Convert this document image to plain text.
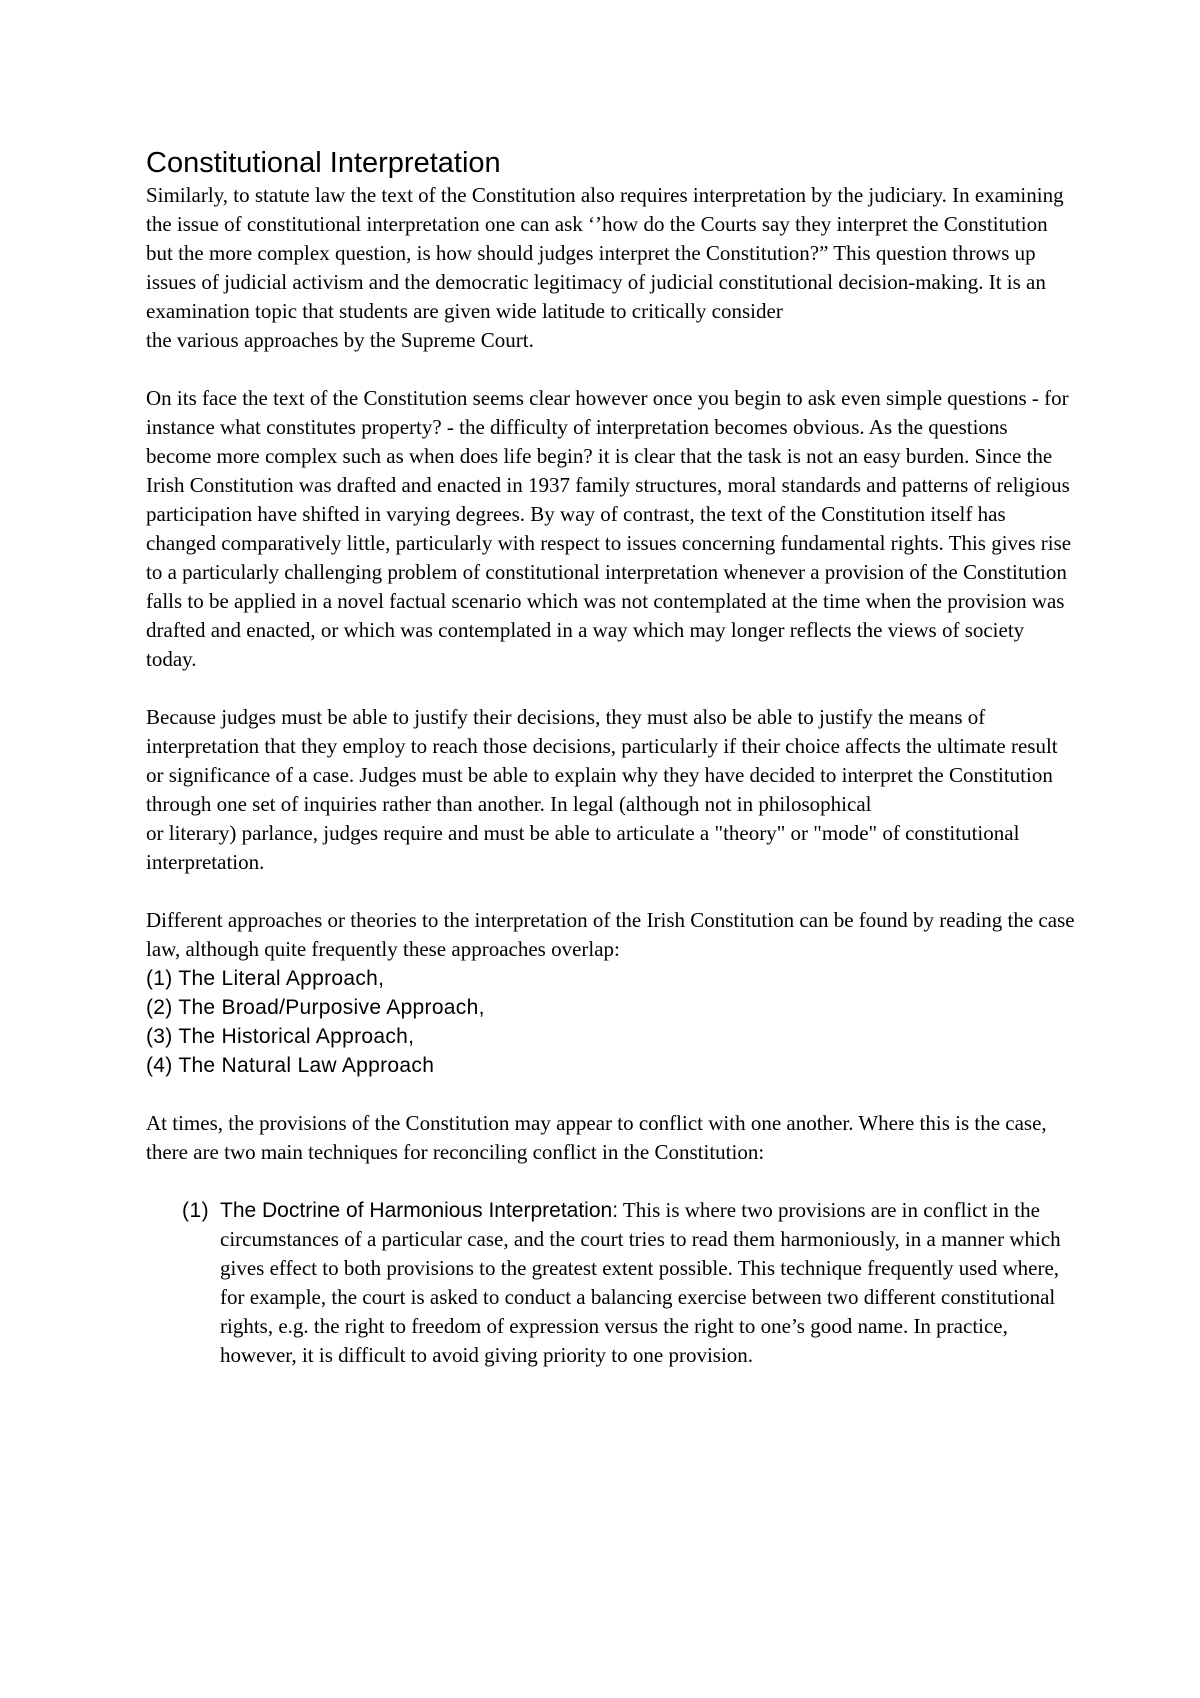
Constitutional Interpretation

Similarly, to statute law the text of the Constitution also requires interpretation by the judiciary. In examining the issue of constitutional interpretation one can ask ‘’how do the Courts say they interpret the Constitution but the more complex question, is how should judges interpret the Constitution?” This question throws up issues of judicial activism and the democratic legitimacy of judicial constitutional decision-making. It is an examination topic that students are given wide latitude to critically consider
the various approaches by the Supreme Court.

On its face the text of the Constitution seems clear however once you begin to ask even simple questions - for instance what constitutes property? - the difficulty of interpretation becomes obvious. As the questions become more complex such as when does life begin? it is clear that the task is not an easy burden. Since the Irish Constitution was drafted and enacted in 1937 family structures, moral standards and patterns of religious participation have shifted in varying degrees. By way of contrast, the text of the Constitution itself has changed comparatively little, particularly with respect to issues concerning fundamental rights. This gives rise to a particularly challenging problem of constitutional interpretation whenever a provision of the Constitution falls to be applied in a novel factual scenario which was not contemplated at the time when the provision was drafted and enacted, or which was contemplated in a way which may longer reflects the views of society today.

Because judges must be able to justify their decisions, they must also be able to justify the means of interpretation that they employ to reach those decisions, particularly if their choice affects the ultimate result or significance of a case. Judges must be able to explain why they have decided to interpret the Constitution through one set of inquiries rather than another. In legal (although not in philosophical
or literary) parlance, judges require and must be able to articulate a "theory" or "mode" of constitutional interpretation.

Different approaches or theories to the interpretation of the Irish Constitution can be found by reading the case law, although quite frequently these approaches overlap:

(1) The Literal Approach,
(2) The Broad/Purposive Approach,
(3) The Historical Approach,
(4) The Natural Law Approach

At times, the provisions of the Constitution may appear to conflict with one another. Where this is the case, there are two main techniques for reconciling conflict in the Constitution:

(1) The Doctrine of Harmonious Interpretation: This is where two provisions are in conflict in the circumstances of a particular case, and the court tries to read them harmoniously, in a manner which gives effect to both provisions to the greatest extent possible. This technique frequently used where, for example, the court is asked to conduct a balancing exercise between two different constitutional rights, e.g. the right to freedom of expression versus the right to one’s good name. In practice, however, it is difficult to avoid giving priority to one provision.
